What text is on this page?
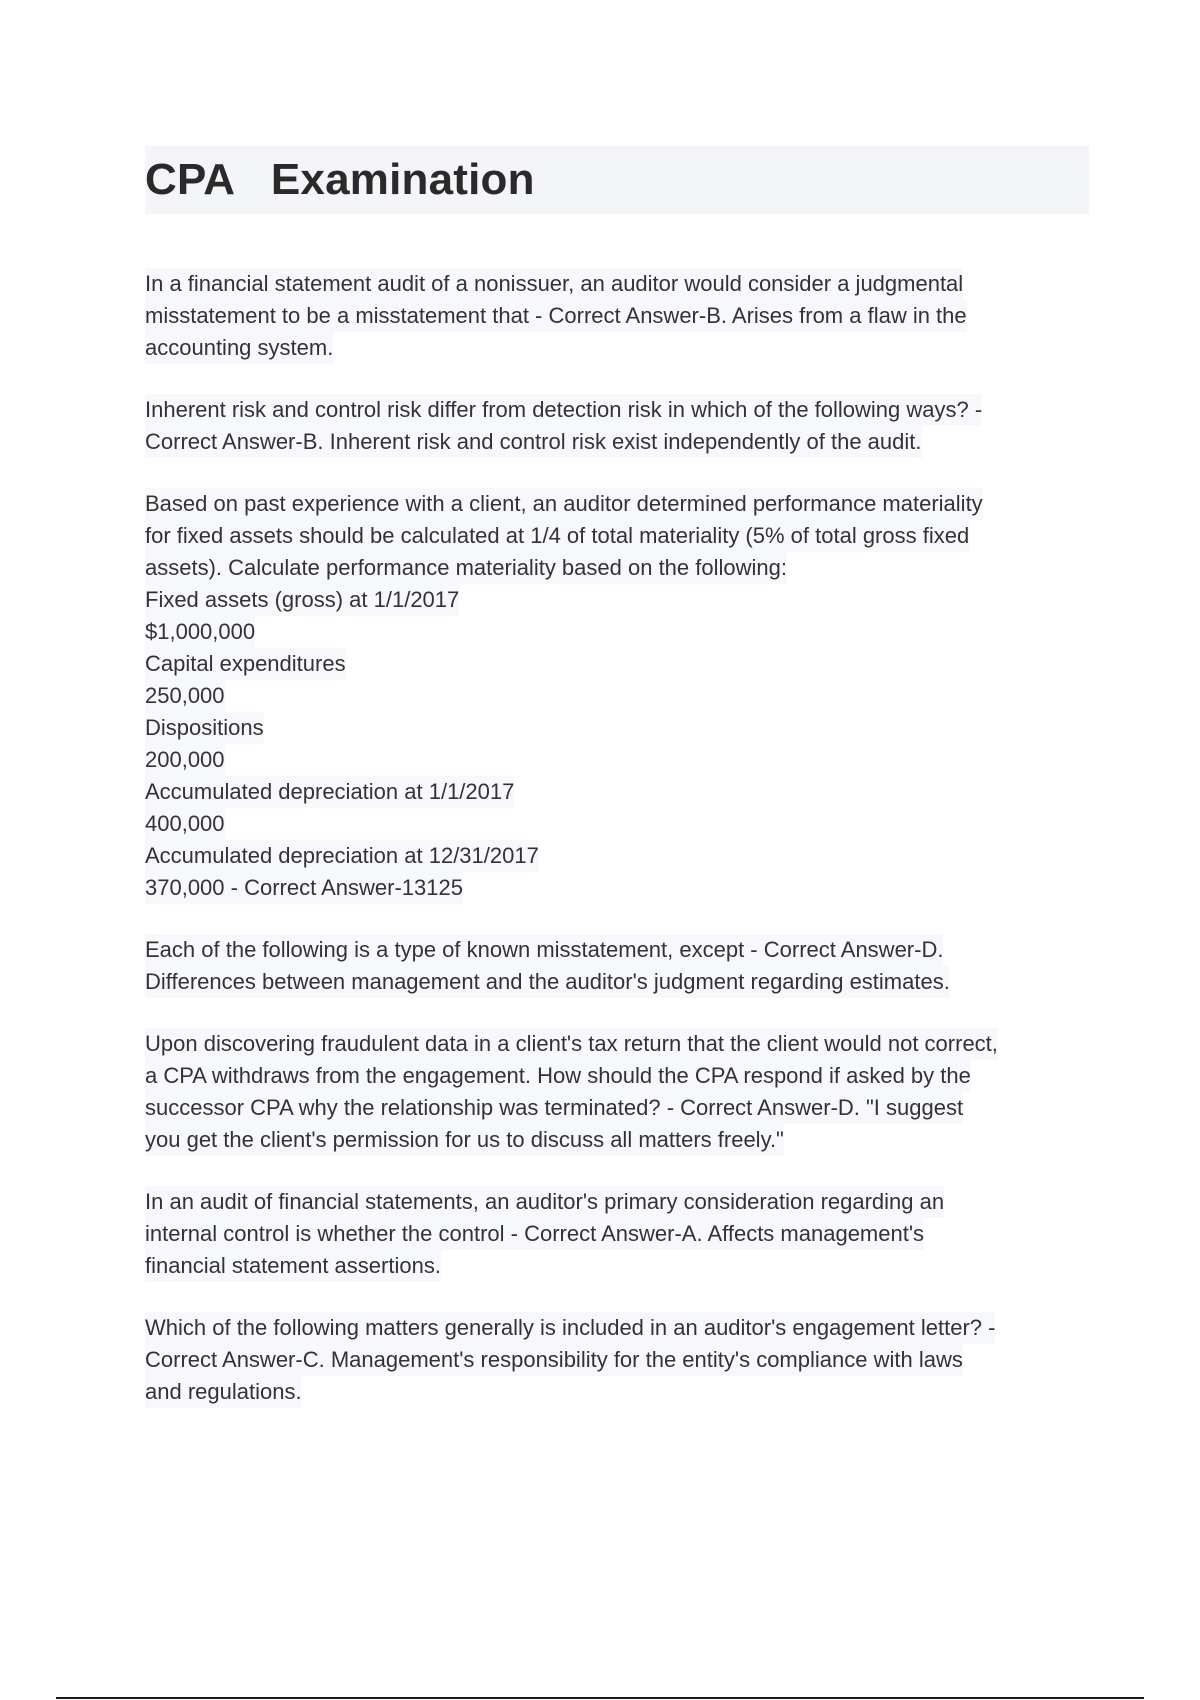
CPA   Examination

In a financial statement audit of a nonissuer, an auditor would consider a judgmental
misstatement to be a misstatement that - Correct Answer-B. Arises from a flaw in the
accounting system.

Inherent risk and control risk differ from detection risk in which of the following ways? -
Correct Answer-B. Inherent risk and control risk exist independently of the audit.

Based on past experience with a client, an auditor determined performance materiality
for fixed assets should be calculated at 1/4 of total materiality (5% of total gross fixed
assets). Calculate performance materiality based on the following:
Fixed assets (gross) at 1/1/2017
$1,000,000
Capital expenditures
250,000
Dispositions
200,000
Accumulated depreciation at 1/1/2017
400,000
Accumulated depreciation at 12/31/2017
370,000 - Correct Answer-13125

Each of the following is a type of known misstatement, except - Correct Answer-D.
Differences between management and the auditor's judgment regarding estimates.

Upon discovering fraudulent data in a client's tax return that the client would not correct,
a CPA withdraws from the engagement. How should the CPA respond if asked by the
successor CPA why the relationship was terminated? - Correct Answer-D. "I suggest
you get the client's permission for us to discuss all matters freely."

In an audit of financial statements, an auditor's primary consideration regarding an
internal control is whether the control - Correct Answer-A. Affects management's
financial statement assertions.

Which of the following matters generally is included in an auditor's engagement letter? -
Correct Answer-C. Management's responsibility for the entity's compliance with laws
and regulations.
